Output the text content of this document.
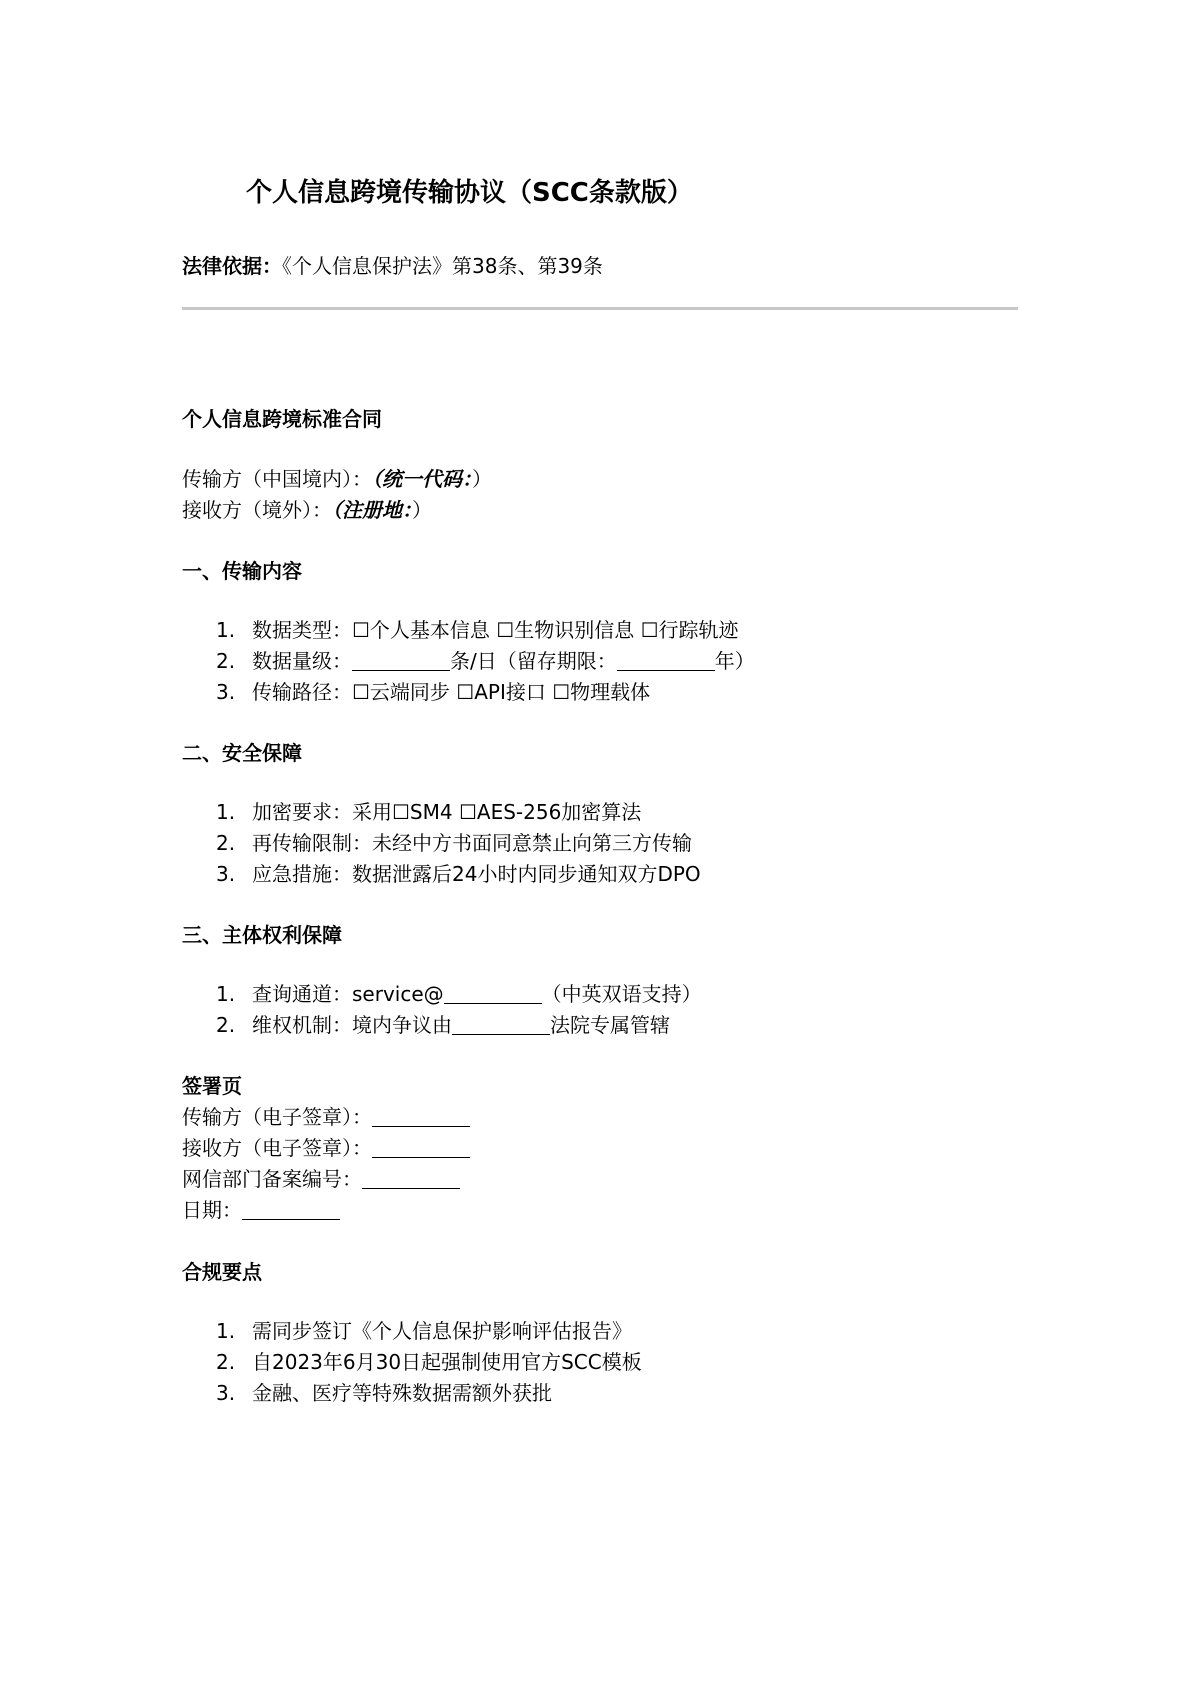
个人信息跨境传输协议（SCC条款版）
法律依据：《个人信息保护法》第38条、第39条
个人信息跨境标准合同
传输方（中国境内）：（统一代码：）
接收方（境外）：（注册地：）
一、传输内容
1. 数据类型：☐个人基本信息 ☐生物识别信息 ☐行踪轨迹
2. 数据量级：	条/日（留存期限：	年）
3. 传输路径：☐云端同步 ☐API接口 ☐物理载体
二、安全保障
1. 加密要求：采用☐SM4 ☐AES-256加密算法
2. 再传输限制：未经中方书面同意禁止向第三方传输
3. 应急措施：数据泄露后24小时内同步通知双方DPO
三、主体权利保障
1. 查询通道：service@	（中英双语支持）
2. 维权机制：境内争议由	法院专属管辖
签署页
传输方（电子签章）：
接收方（电子签章）：
网信部门备案编号：
日期：
合规要点
1. 需同步签订《个人信息保护影响评估报告》
2. 自2023年6月30日起强制使用官方SCC模板
3. 金融、医疗等特殊数据需额外获批
